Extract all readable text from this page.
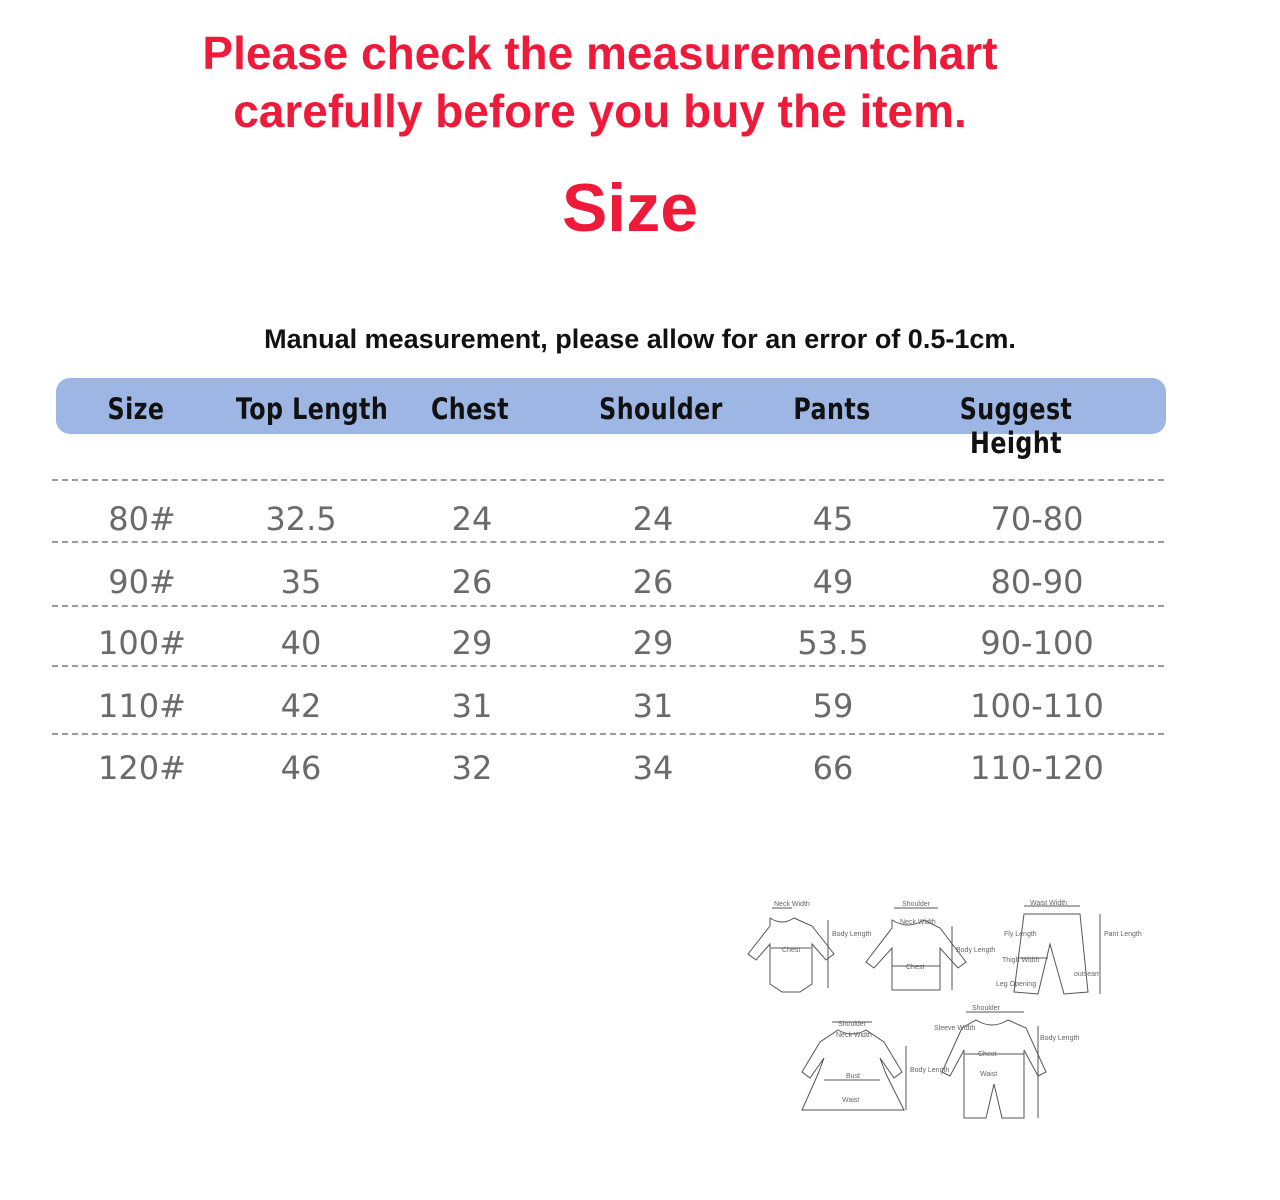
Please check the measurementchart
carefully before you buy the item.
Size
Manual measurement, please allow for an error of 0.5-1cm.
Size	Top Length	Chest	Shoulder	Pants	Suggest Height
80#	32.5	24	24	45	70-80
90#	35	26	26	49	80-90
100#	40	29	29	53.5	90-100
110#	42	31	31	59	100-110
120#	46	32	34	66	110-120
Neck Width
Chest
Body Length
Shoulder
Neck Width
Chest
Body Length
Waist Width
Fly Length	Pant Length
Thigh Width
outseam
Leg Opening
Shoulder
Neck Width
Bust
Waist
Body Length
Shoulder
Sleeve Width
Chest
Waist
Body Length
